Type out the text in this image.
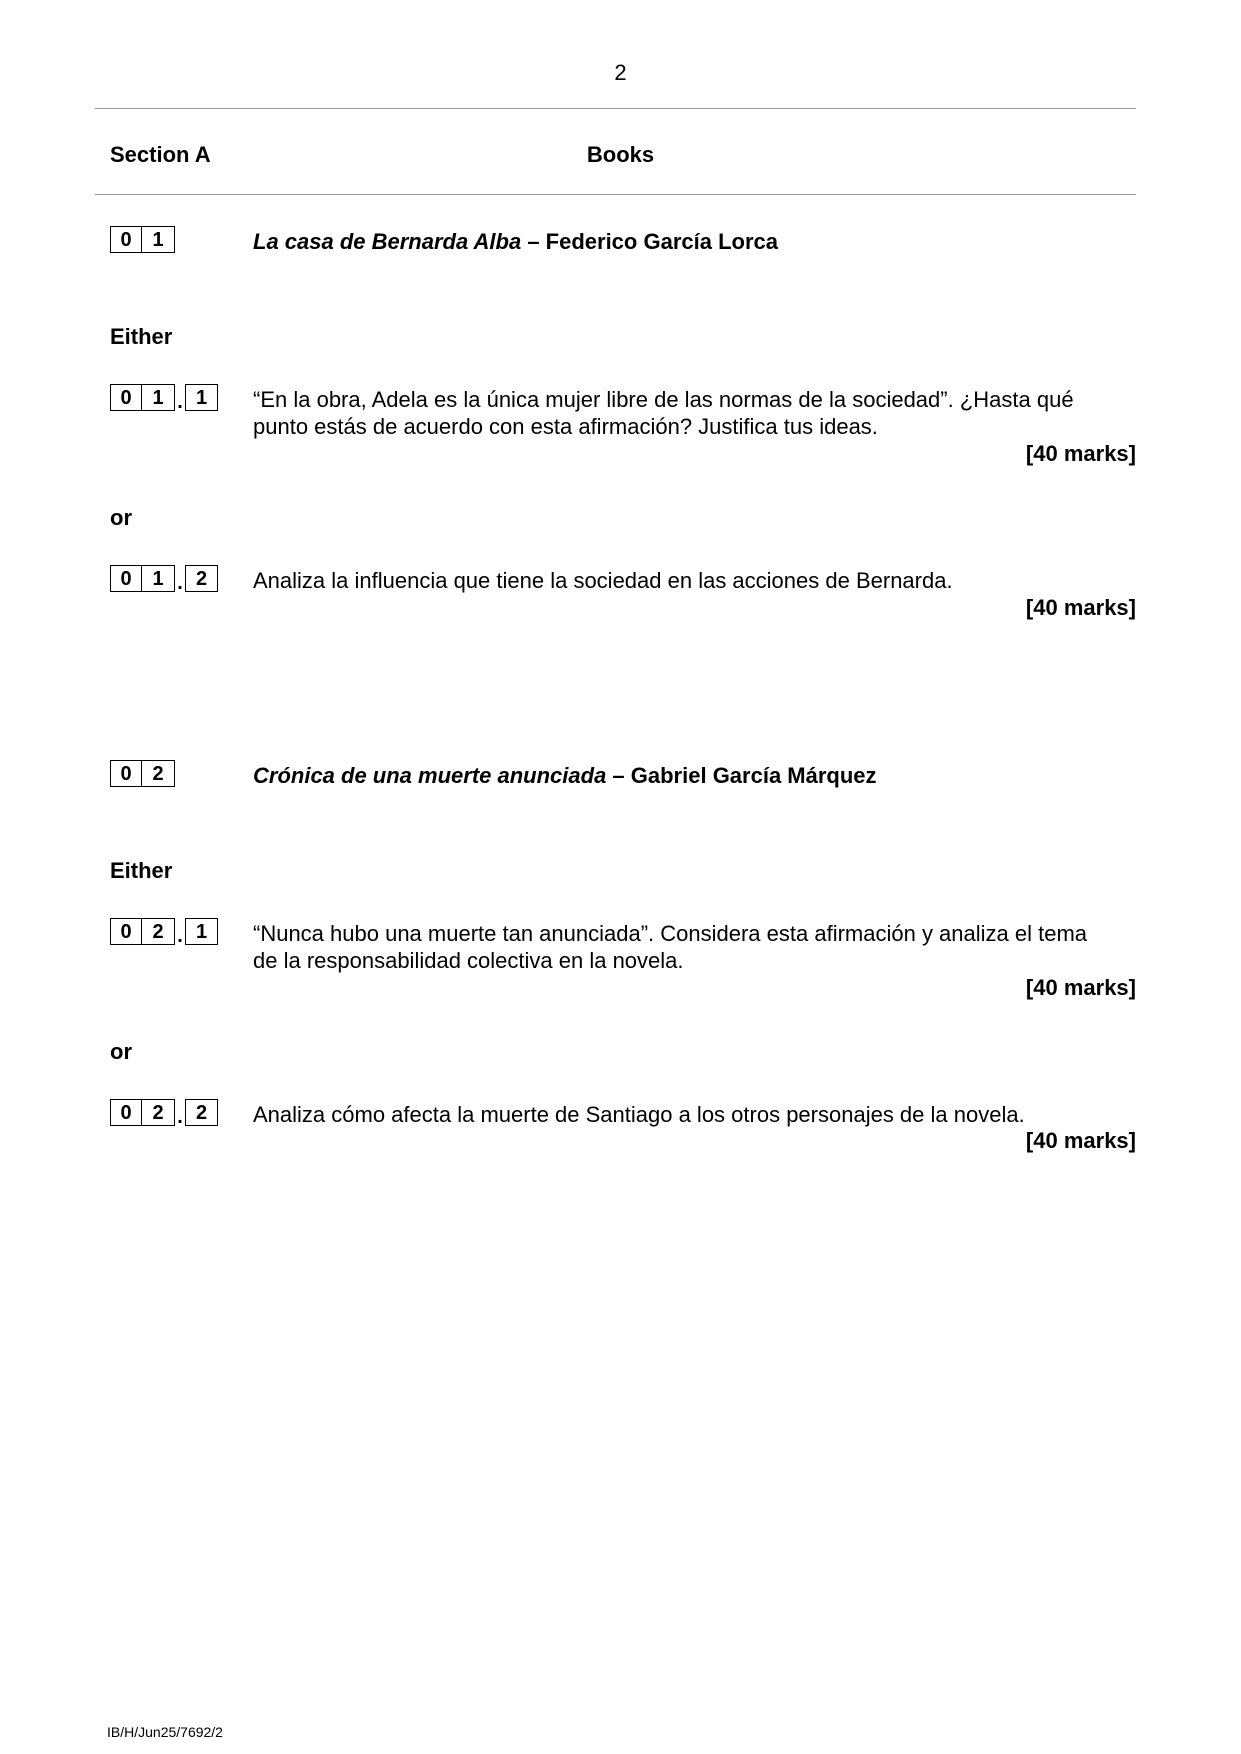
2
Section A	Books
0	1	La casa de Bernarda Alba – Federico García Lorca
Either
0	1 . 1	“En la obra, Adela es la única mujer libre de las normas de la sociedad”. ¿Hasta qué punto estás de acuerdo con esta afirmación? Justifica tus ideas.
[40 marks]
or
0	1 . 2	Analiza la influencia que tiene la sociedad en las acciones de Bernarda.
[40 marks]
0	2	Crónica de una muerte anunciada – Gabriel García Márquez
Either
0	2 . 1	“Nunca hubo una muerte tan anunciada”. Considera esta afirmación y analiza el tema de la responsabilidad colectiva en la novela.
[40 marks]
or
0	2 . 2	Analiza cómo afecta la muerte de Santiago a los otros personajes de la novela.
[40 marks]
IB/H/Jun25/7692/2
